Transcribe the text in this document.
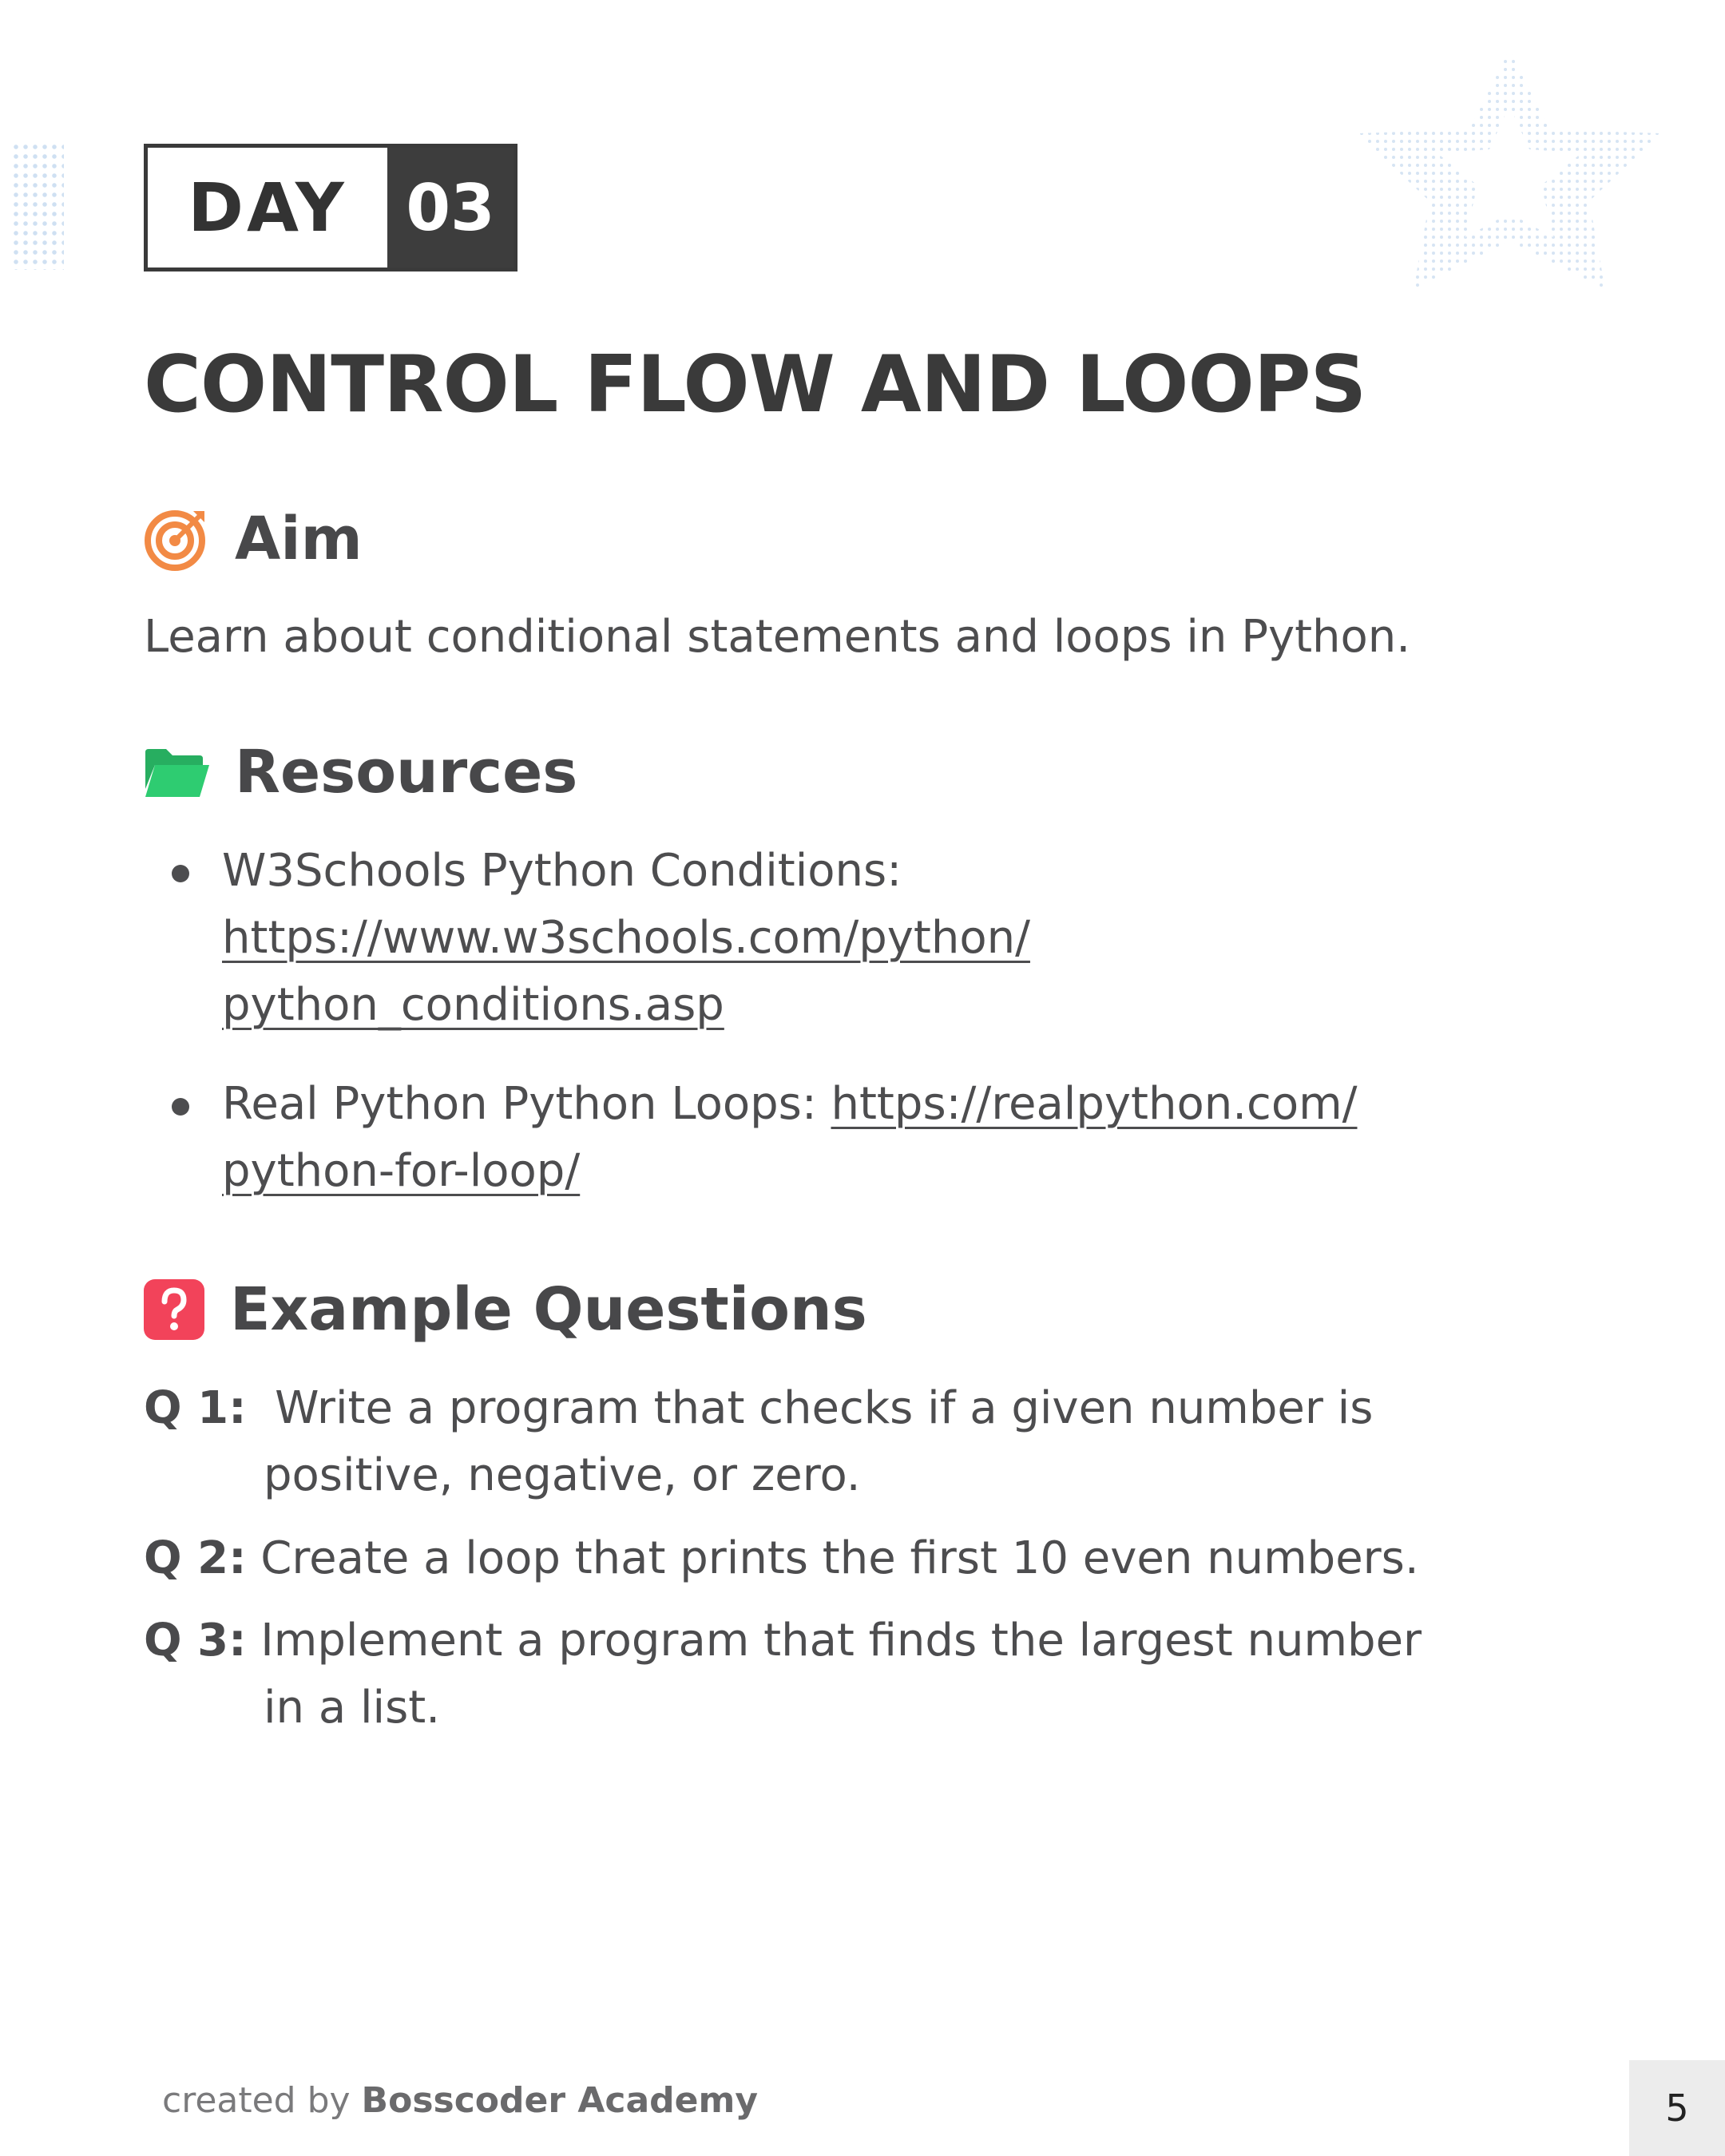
DAY 03
CONTROL FLOW AND LOOPS
Aim
Learn about conditional statements and loops in Python.
Resources
W3Schools Python Conditions:
https://www.w3schools.com/python/
python_conditions.asp
Real Python Python Loops: https://realpython.com/
python-for-loop/
Example Questions
Q 1: Write a program that checks if a given number is
positive, negative, or zero.
Q 2: Create a loop that prints the first 10 even numbers.
Q 3: Implement a program that finds the largest number
in a list.
created by Bosscoder Academy	5
